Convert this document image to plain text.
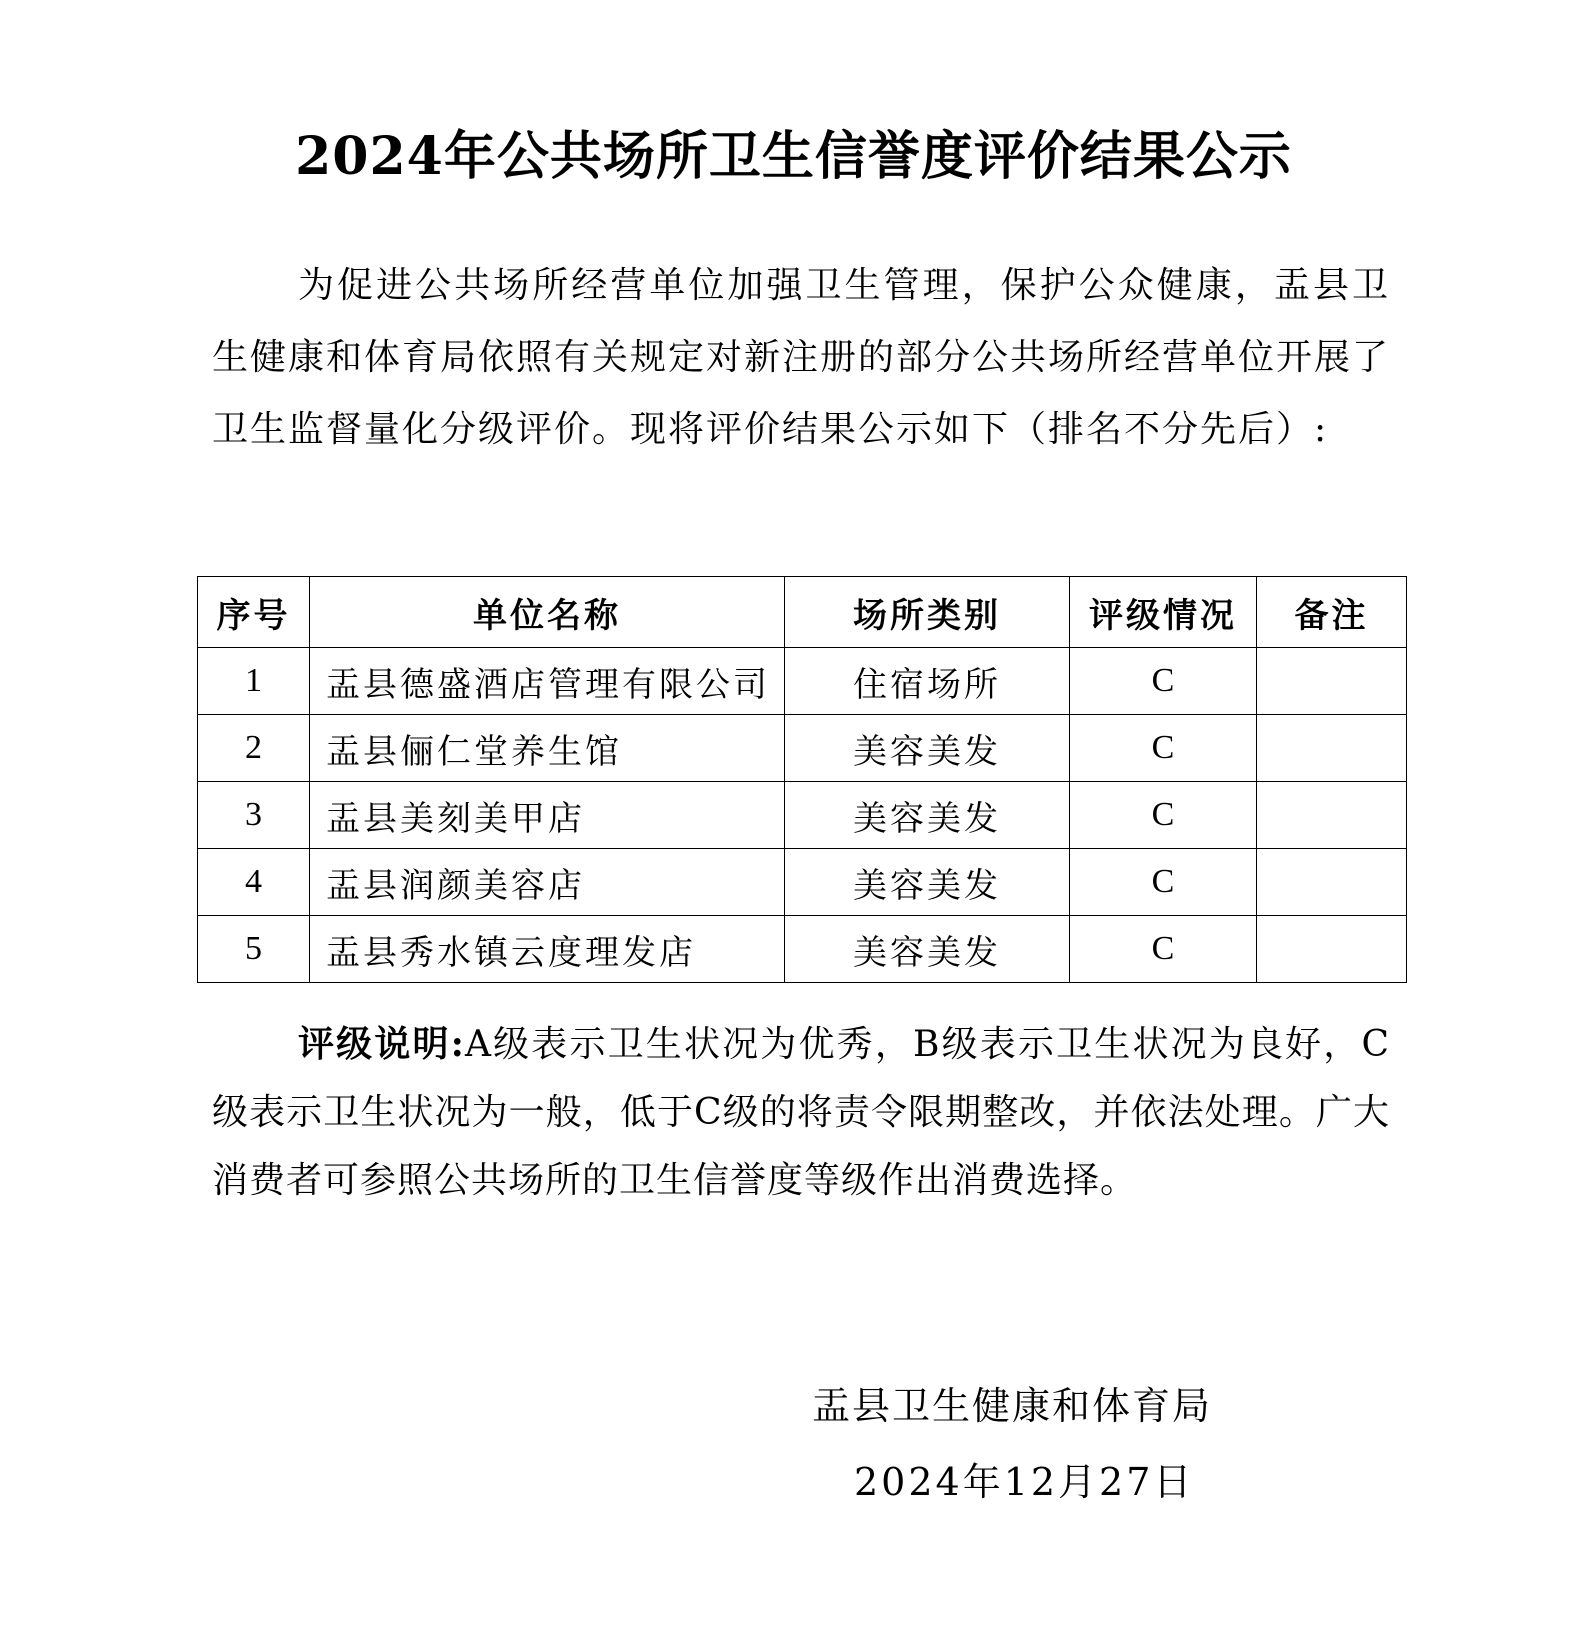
2024年公共场所卫生信誉度评价结果公示
为促进公共场所经营单位加强卫生管理，保护公众健康，盂县卫生健康和体育局依照有关规定对新注册的部分公共场所经营单位开展了卫生监督量化分级评价。现将评价结果公示如下（排名不分先后）:
序号	单位名称	场所类别	评级情况	备注
1	盂县德盛酒店管理有限公司	住宿场所	C	
2	盂县俪仁堂养生馆	美容美发	C	
3	盂县美刻美甲店	美容美发	C	
4	盂县润颜美容店	美容美发	C	
5	盂县秀水镇云度理发店	美容美发	C	
评级说明:A级表示卫生状况为优秀，B级表示卫生状况为良好，C级表示卫生状况为一般，低于C级的将责令限期整改，并依法处理。广大消费者可参照公共场所的卫生信誉度等级作出消费选择。
盂县卫生健康和体育局
2024年12月27日
